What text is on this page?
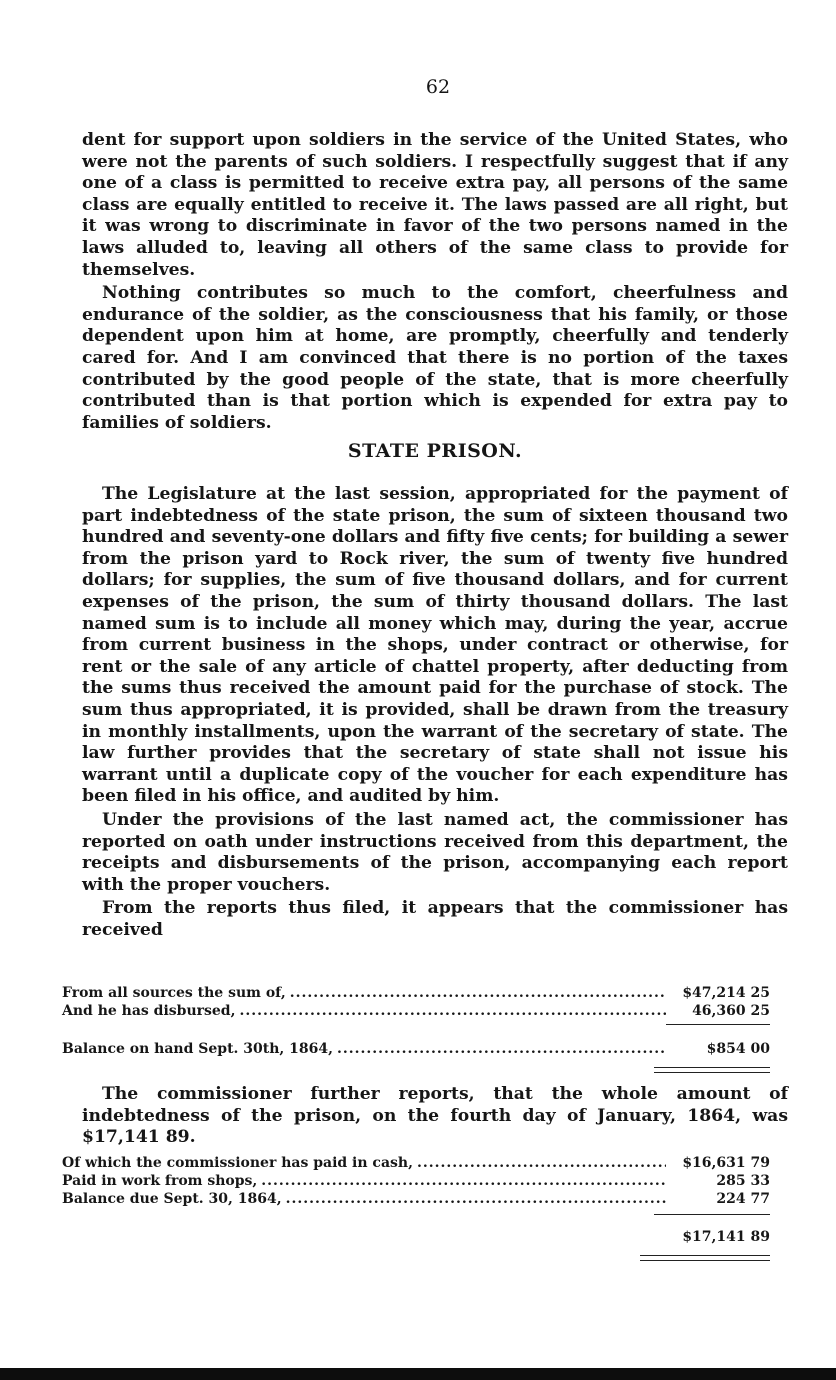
62

dent for support upon soldiers in the service of the United States, who were not the parents of such soldiers. I respectfully suggest that if any one of a class is permitted to receive extra pay, all persons of the same class are equally entitled to receive it. The laws passed are all right, but it was wrong to discriminate in favor of the two persons named in the laws alluded to, leaving all others of the same class to provide for themselves.

Nothing contributes so much to the comfort, cheerfulness and endurance of the soldier, as the consciousness that his family, or those dependent upon him at home, are promptly, cheerfully and tenderly cared for. And I am convinced that there is no portion of the taxes contributed by the good people of the state, that is more cheerfully contributed than is that portion which is expended for extra pay to families of soldiers.

STATE PRISON.

The Legislature at the last session, appropriated for the payment of part indebtedness of the state prison, the sum of sixteen thousand two hundred and seventy-one dollars and fifty five cents; for building a sewer from the prison yard to Rock river, the sum of twenty five hundred dollars; for supplies, the sum of five thousand dollars, and for current expenses of the prison, the sum of thirty thousand dollars. The last named sum is to include all money which may, during the year, accrue from current business in the shops, under contract or otherwise, for rent or the sale of any article of chattel property, after deducting from the sums thus received the amount paid for the purchase of stock. The sum thus appropriated, it is provided, shall be drawn from the treasury in monthly installments, upon the warrant of the secretary of state. The law further provides that the secretary of state shall not issue his warrant until a duplicate copy of the voucher for each expenditure has been filed in his office, and audited by him.

Under the provisions of the last named act, the commissioner has reported on oath under instructions received from this department, the receipts and disbursements of the prison, accompanying each report with the proper vouchers.

From the reports thus filed, it appears that the commissioner has received

From all sources the sum of, .....	$47,214 25
And he has disbursed, .....	46,360 25
Balance on hand Sept. 30th, 1864, .....	$854 00

The commissioner further reports, that the whole amount of indebtedness of the prison, on the fourth day of January, 1864, was $17,141 89.

Of which the commissioner has paid in cash, .....	$16,631 79
Paid in work from shops, .....	285 33
Balance due Sept. 30, 1864, .....	224 77
$17,141 89
